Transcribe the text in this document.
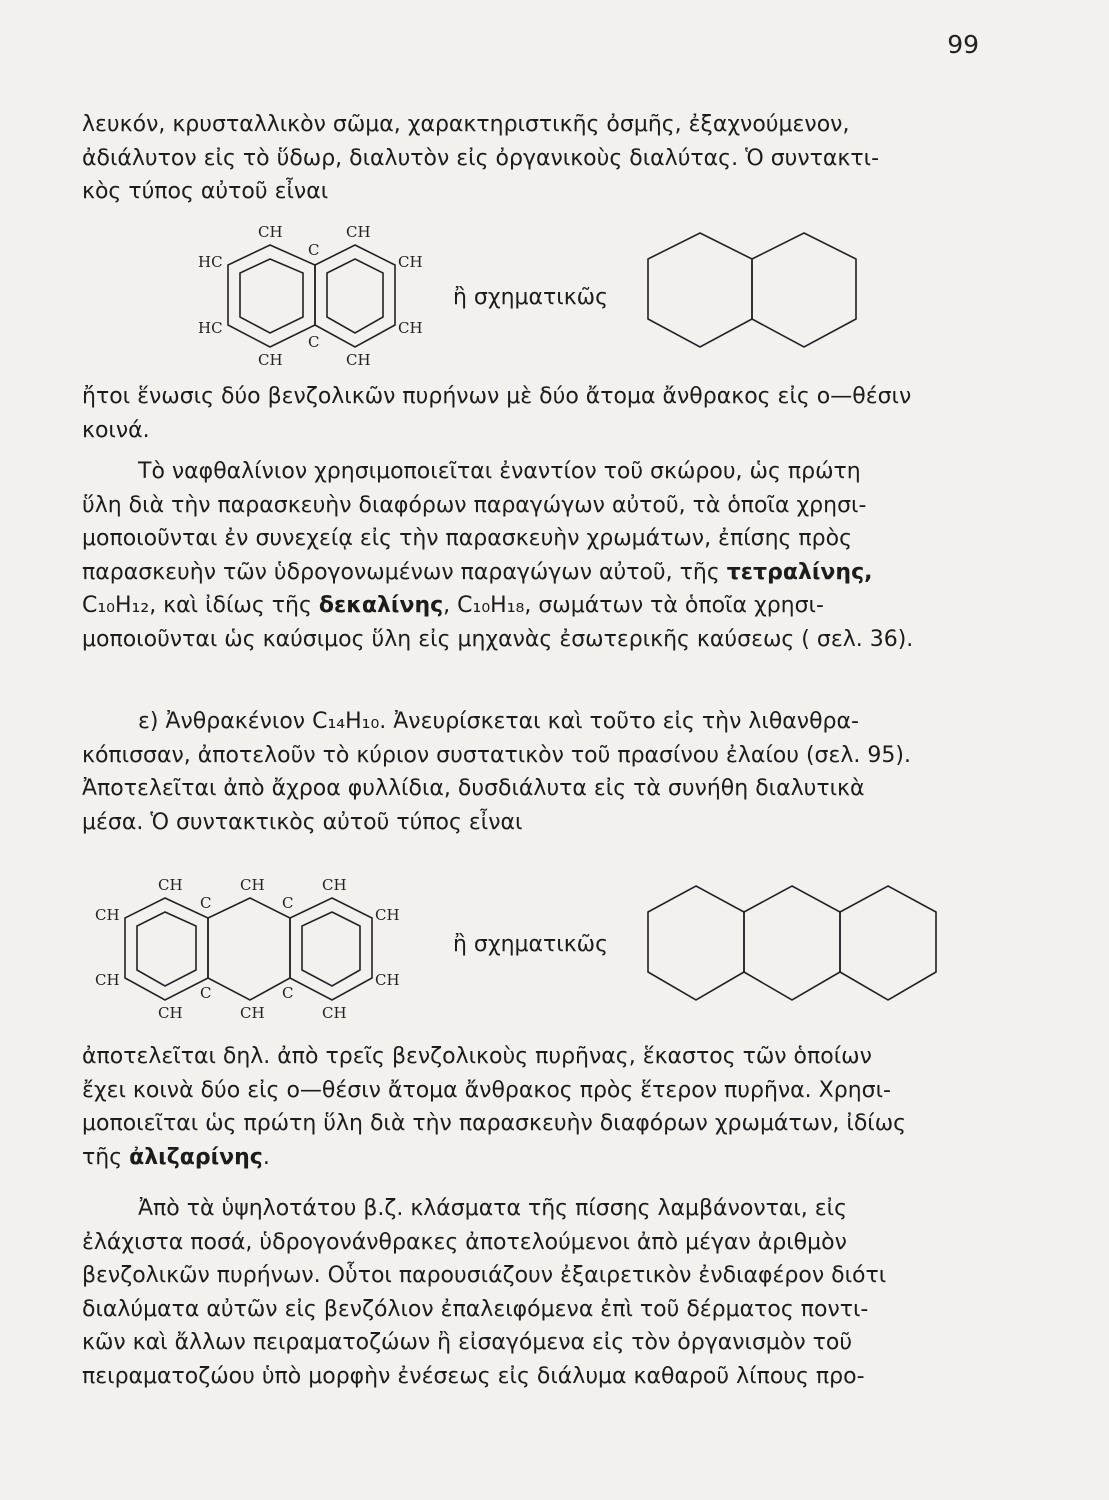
99

λευκόν, κρυσταλλικὸν σῶμα, χαρακτηριστικῆς ὀσμῆς, ἐξαχνούμενον,

ἀδιάλυτον εἰς τὸ ὕδωρ, διαλυτὸν εἰς ὀργανικοὺς διαλύτας. Ὁ συντακτι-

κὸς τύπος αὐτοῦ εἶναι

CH	CH
HC
C
CH
HC	CH
C
CH	CH
ἢ σχηματικῶς

ἤτοι ἕνωσις δύο βενζολικῶν πυρήνων μὲ δύο ἄτομα ἄνθρακος εἰς ο—θέσιν

κοινά.

Τὸ ναφθαλίνιον χρησιμοποιεῖται ἐναντίον τοῦ σκώρου, ὡς πρώτη

ὕλη διὰ τὴν παρασκευὴν διαφόρων παραγώγων αὐτοῦ, τὰ ὁποῖα χρησι-

μοποιοῦνται ἐν συνεχείᾳ εἰς τὴν παρασκευὴν χρωμάτων, ἐπίσης πρὸς

παρασκευὴν τῶν ὑδρογονωμένων παραγώγων αὐτοῦ, τῆς τετραλίνης,

C₁₀H₁₂, καὶ ἰδίως τῆς δεκαλίνης, C₁₀H₁₈, σωμάτων τὰ ὁποῖα χρησι-

μοποιοῦνται ὡς καύσιμος ὕλη εἰς μηχανὰς ἐσωτερικῆς καύσεως ( σελ. 36).

ε) Ἀνθρακένιον C₁₄H₁₀. Ἀνευρίσκεται καὶ τοῦτο εἰς τὴν λιθανθρα-

κόπισσαν, ἀποτελοῦν τὸ κύριον συστατικὸν τοῦ πρασίνου ἐλαίου (σελ. 95).

Ἀποτελεῖται ἀπὸ ἄχροα φυλλίδια, δυσδιάλυτα εἰς τὰ συνήθη διαλυτικὰ

μέσα. Ὁ συντακτικὸς αὐτοῦ τύπος εἶναι

CH	CH	CH
C	C
CH	CH
CH	CH
C	C
CH	CH	CH
ἢ σχηματικῶς

ἀποτελεῖται δηλ. ἀπὸ τρεῖς βενζολικοὺς πυρῆνας, ἕκαστος τῶν ὁποίων

ἔχει κοινὰ δύο εἰς ο—θέσιν ἄτομα ἄνθρακος πρὸς ἕτερον πυρῆνα. Χρησι-

μοποιεῖται ὡς πρώτη ὕλη διὰ τὴν παρασκευὴν διαφόρων χρωμάτων, ἰδίως

τῆς ἀλιζαρίνης.

Ἀπὸ τὰ ὑψηλοτάτου β.ζ. κλάσματα τῆς πίσσης λαμβάνονται, εἰς

ἐλάχιστα ποσά, ὑδρογονάνθρακες ἀποτελούμενοι ἀπὸ μέγαν ἀριθμὸν

βενζολικῶν πυρήνων. Οὗτοι παρουσιάζουν ἐξαιρετικὸν ἐνδιαφέρον διότι

διαλύματα αὐτῶν εἰς βενζόλιον ἐπαλειφόμενα ἐπὶ τοῦ δέρματος ποντι-

κῶν καὶ ἄλλων πειραματοζώων ἢ εἰσαγόμενα εἰς τὸν ὀργανισμὸν τοῦ

πειραματοζώου ὑπὸ μορφὴν ἐνέσεως εἰς διάλυμα καθαροῦ λίπους προ-
